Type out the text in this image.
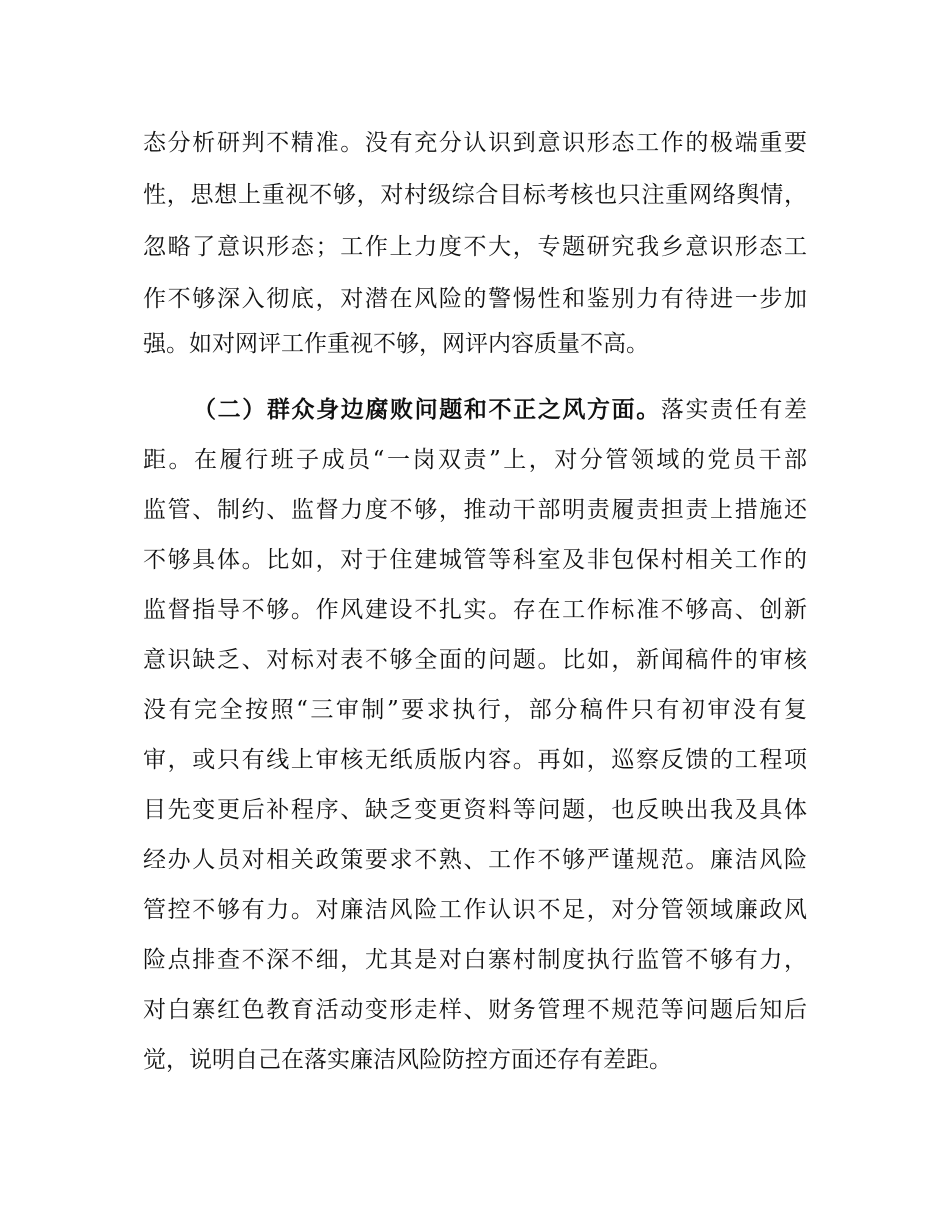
态分析研判不精准。没有充分认识到意识形态工作的极端重要
性，思想上重视不够，对村级综合目标考核也只注重网络舆情，
忽略了意识形态；工作上力度不大，专题研究我乡意识形态工
作不够深入彻底，对潜在风险的警惕性和鉴别力有待进一步加
强。如对网评工作重视不够，网评内容质量不高。
（二）群众身边腐败问题和不正之风方面。落实责任有差
距。在履行班子成员“一岗双责”上，对分管领域的党员干部
监管、制约、监督力度不够，推动干部明责履责担责上措施还
不够具体。比如，对于住建城管等科室及非包保村相关工作的
监督指导不够。作风建设不扎实。存在工作标准不够高、创新
意识缺乏、对标对表不够全面的问题。比如，新闻稿件的审核
没有完全按照“三审制”要求执行，部分稿件只有初审没有复
审，或只有线上审核无纸质版内容。再如，巡察反馈的工程项
目先变更后补程序、缺乏变更资料等问题，也反映出我及具体
经办人员对相关政策要求不熟、工作不够严谨规范。廉洁风险
管控不够有力。对廉洁风险工作认识不足，对分管领域廉政风
险点排查不深不细，尤其是对白寨村制度执行监管不够有力，
对白寨红色教育活动变形走样、财务管理不规范等问题后知后
觉，说明自己在落实廉洁风险防控方面还存有差距。
